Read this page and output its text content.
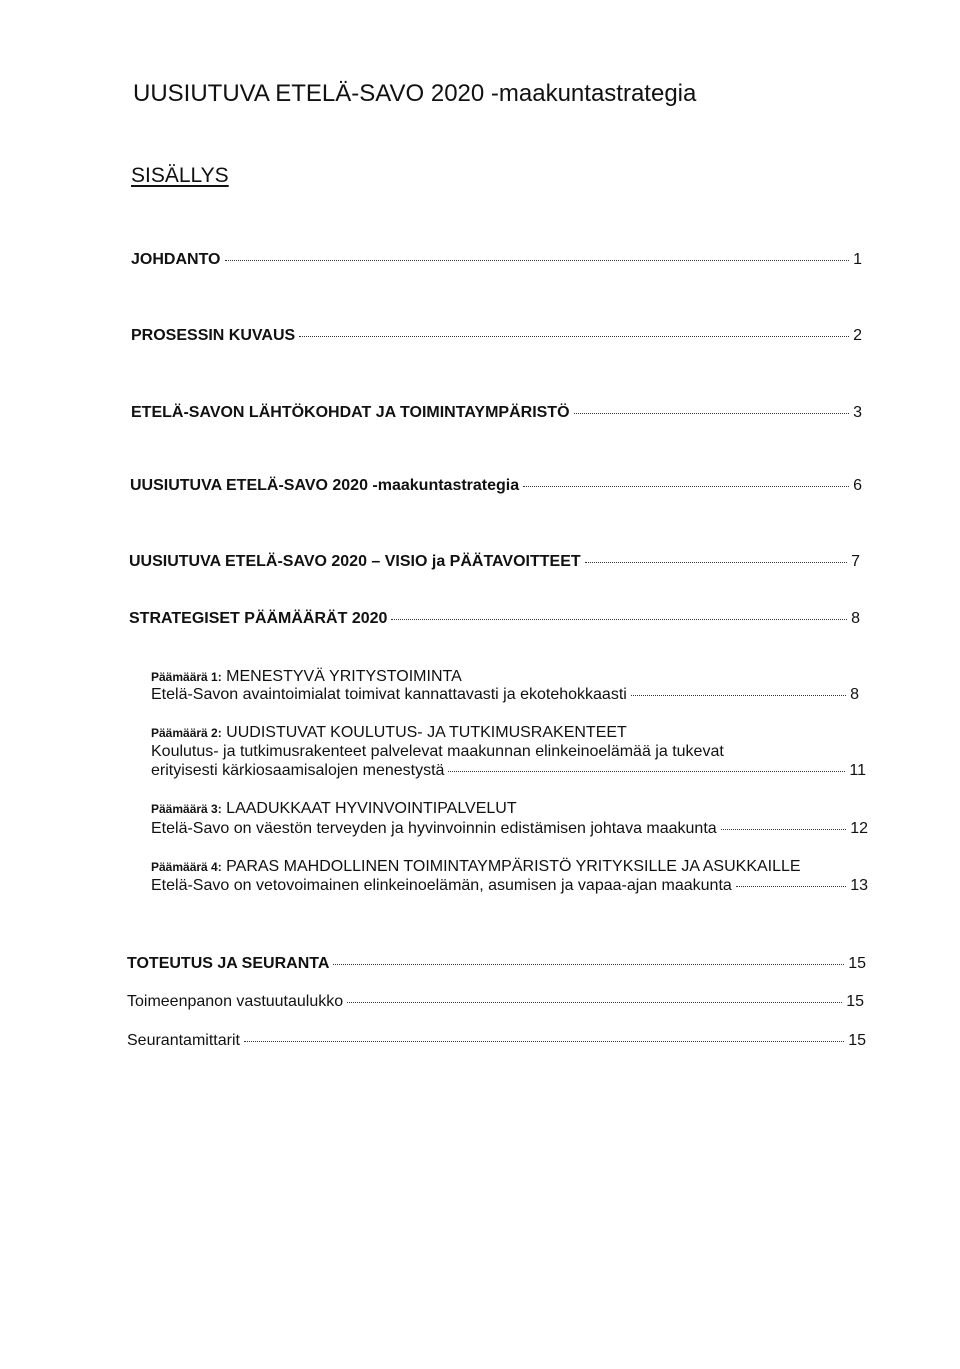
UUSIUTUVA ETELÄ-SAVO 2020 -maakuntastrategia
SISÄLLYS
JOHDANTO	1
PROSESSIN KUVAUS	2
ETELÄ-SAVON LÄHTÖKOHDAT JA TOIMINTAYMPÄRISTÖ	3
UUSIUTUVA ETELÄ-SAVO 2020 -maakuntastrategia	6
UUSIUTUVA ETELÄ-SAVO 2020 – VISIO ja PÄÄTAVOITTEET	7
STRATEGISET PÄÄMÄÄRÄT 2020	8
Päämäärä 1: MENESTYVÄ YRITYSTOIMINTA
Etelä-Savon avaintoimialat toimivat kannattavasti ja ekotehokkaasti	8
Päämäärä 2: UUDISTUVAT KOULUTUS- JA TUTKIMUSRAKENTEET
Koulutus- ja tutkimusrakenteet palvelevat maakunnan elinkeinoelämää ja tukevat
erityisesti kärkiosaamisalojen menestystä	11
Päämäärä 3: LAADUKKAAT HYVINVOINTIPALVELUT
Etelä-Savo on väestön terveyden ja hyvinvoinnin edistämisen johtava maakunta	12
Päämäärä 4: PARAS MAHDOLLINEN TOIMINTAYMPÄRISTÖ YRITYKSILLE JA ASUKKAILLE
Etelä-Savo on vetovoimainen elinkeinoelämän, asumisen ja vapaa-ajan maakunta	13
TOTEUTUS JA SEURANTA	15
Toimeenpanon vastuutaulukko	15
Seurantamittarit	15
